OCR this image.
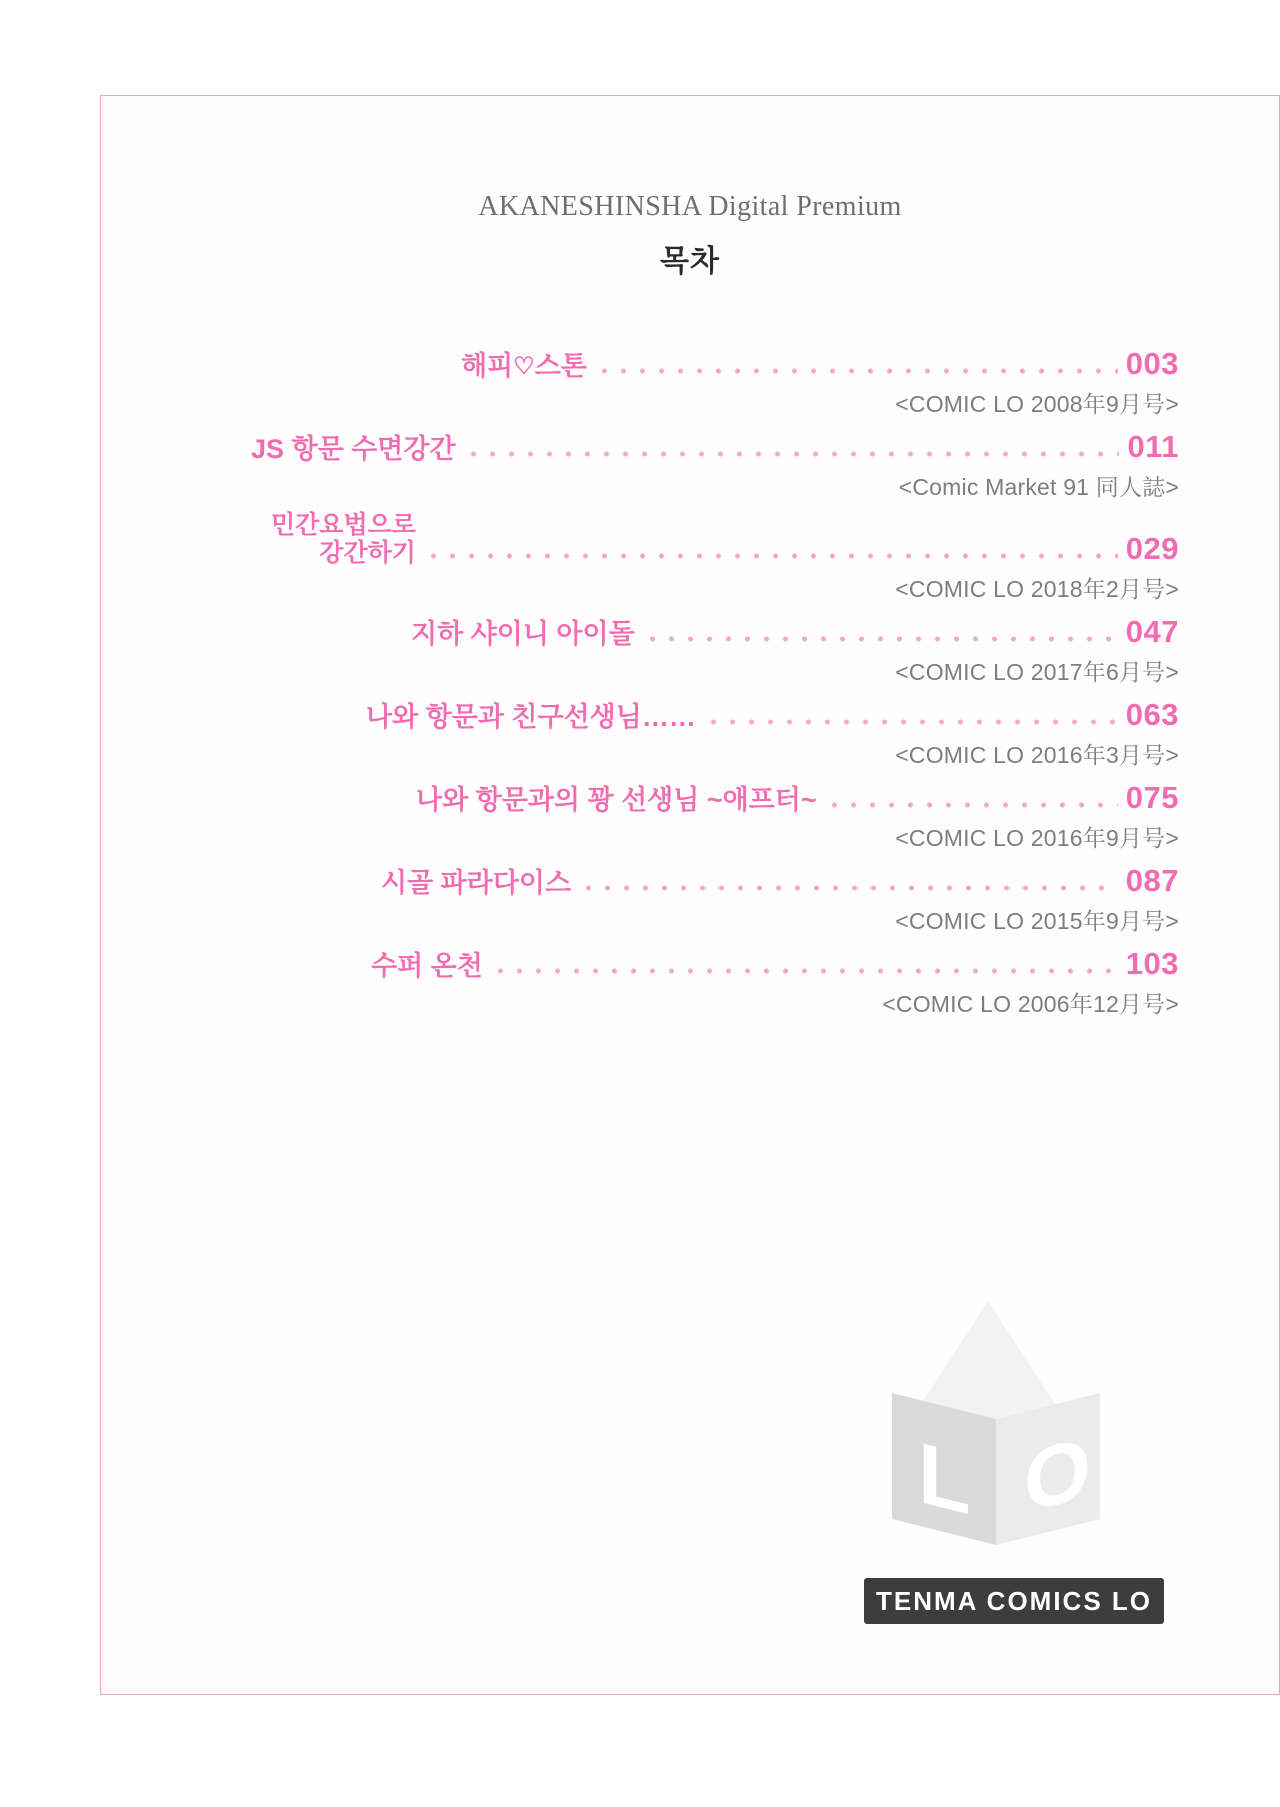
AKANESHINSHA Digital Premium
목차
해피♡스톤	003
<COMIC LO 2008年9月号>
JS 항문 수면강간	011
<Comic Market 91 同人誌>
민간요법으로
강간하기	029
<COMIC LO 2018年2月号>
지하 샤이니 아이돌	047
<COMIC LO 2017年6月号>
나와 항문과 친구선생님……	063
<COMIC LO 2016年3月号>
나와 항문과의 꽝 선생님 ~애프터~	075
<COMIC LO 2016年9月号>
시골 파라다이스	087
<COMIC LO 2015年9月号>
수퍼 온천	103
<COMIC LO 2006年12月号>
L O
TENMA COMICS LO
